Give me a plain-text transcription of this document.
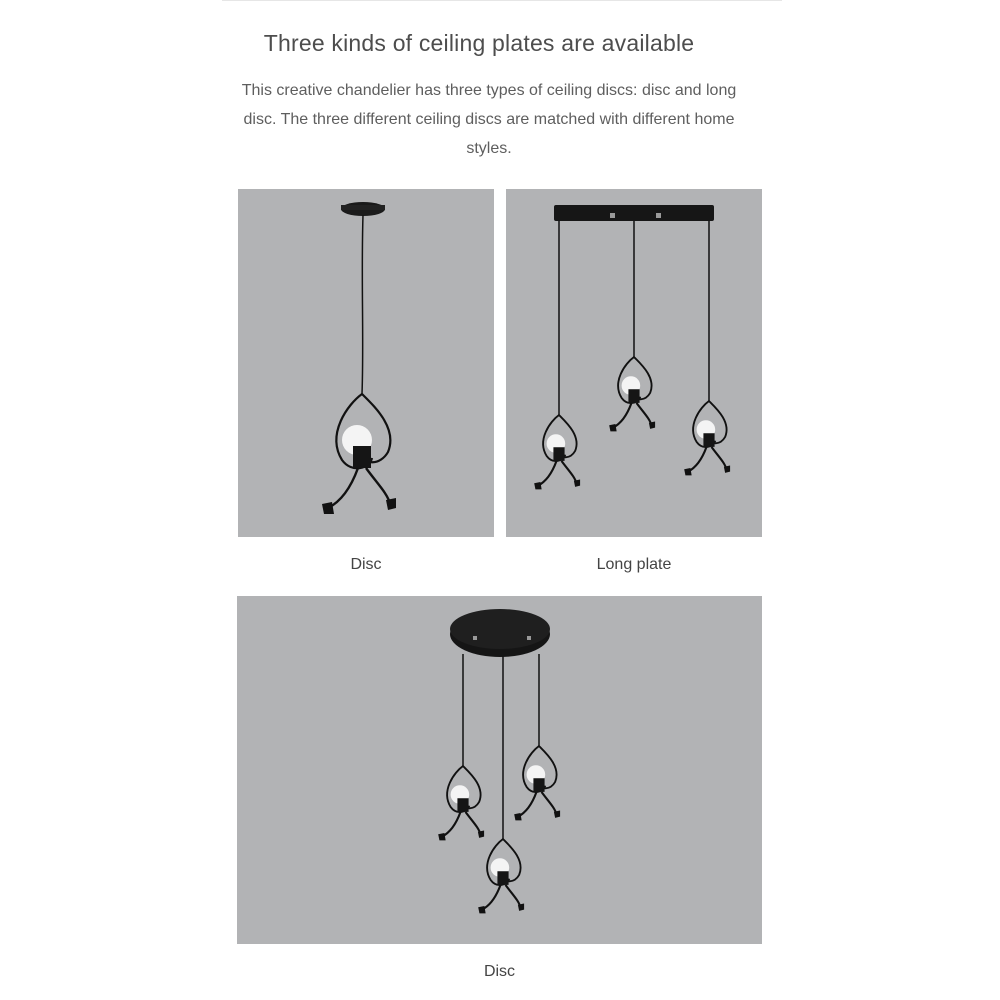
Three kinds of ceiling plates are available
This creative chandelier has three types of ceiling discs: disc and long disc. The three different ceiling discs are matched with different home styles.
Disc	Long plate
Disc
